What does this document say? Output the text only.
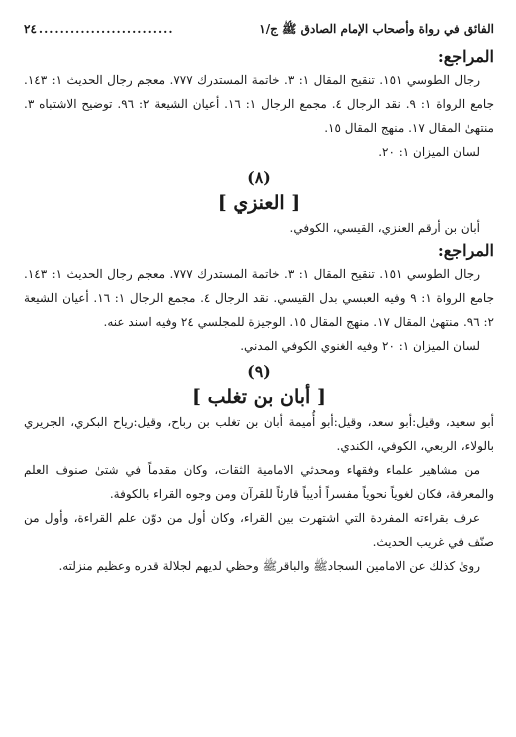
الفائق في رواة وأصحاب الإمام الصادق ﷺ ج/١
..........................
٢٤
المراجع:

رجال الطوسي ١٥١. تنقيح المقال ١: ٣. خاتمة المستدرك ٧٧٧. معجم رجال الحديث ١: ١٤٣. جامع الرواة ١: ٩. نقد الرجال ٤. مجمع الرجال ١: ١٦. أعيان الشيعة ٢: ٩٦. توضيح الاشتباه ٣. منتهىٰ المقال ١٧. منهج المقال ١٥.

لسان الميزان ١: ٢٠.

(٨)
[ العنزي ]

أبان بن أرقم العنزي، القيسي، الكوفي.

المراجع:

رجال الطوسي ١٥١. تنقيح المقال ١: ٣. خاتمة المستدرك ٧٧٧. معجم رجال الحديث ١: ١٤٣. جامع الرواة ١: ٩ وفيه العبسي بدل القيسي. نقد الرجال ٤. مجمع الرجال ١: ١٦. أعيان الشيعة ٢: ٩٦. منتهىٰ المقال ١٧. منهج المقال ١٥. الوجيزة للمجلسي ٢٤ وفيه اسند عنه.

لسان الميزان ١: ٢٠ وفيه الغنوي الكوفي المدني.

(٩)
[ أبان بن تغلب ]

أبو سعيد، وقيل:أبو سعد، وقيل:أبو أُميمة أبان بن تغلب بن رباح، وقيل:رياح البكري، الجريري بالولاء، الربعي، الكوفي، الكندي.

من مشاهير علماء وفقهاء ومحدثي الامامية الثقات، وكان مقدماً في شتىٰ صنوف العلم والمعرفة، فكان لغوياً نحوياً مفسراً أديباً قارئاً للقرآن ومن وجوه القراء بالكوفة.

عرف بقراءته المفردة التي اشتهرت بين القراء، وكان أول من دوّن علم القراءة، وأول من صنّف في غريب الحديث.

روىٰ كذلك عن الامامين السجادﷺ والباقرﷺ وحظي لديهم لجلالة قدره وعظيم منزلته.
